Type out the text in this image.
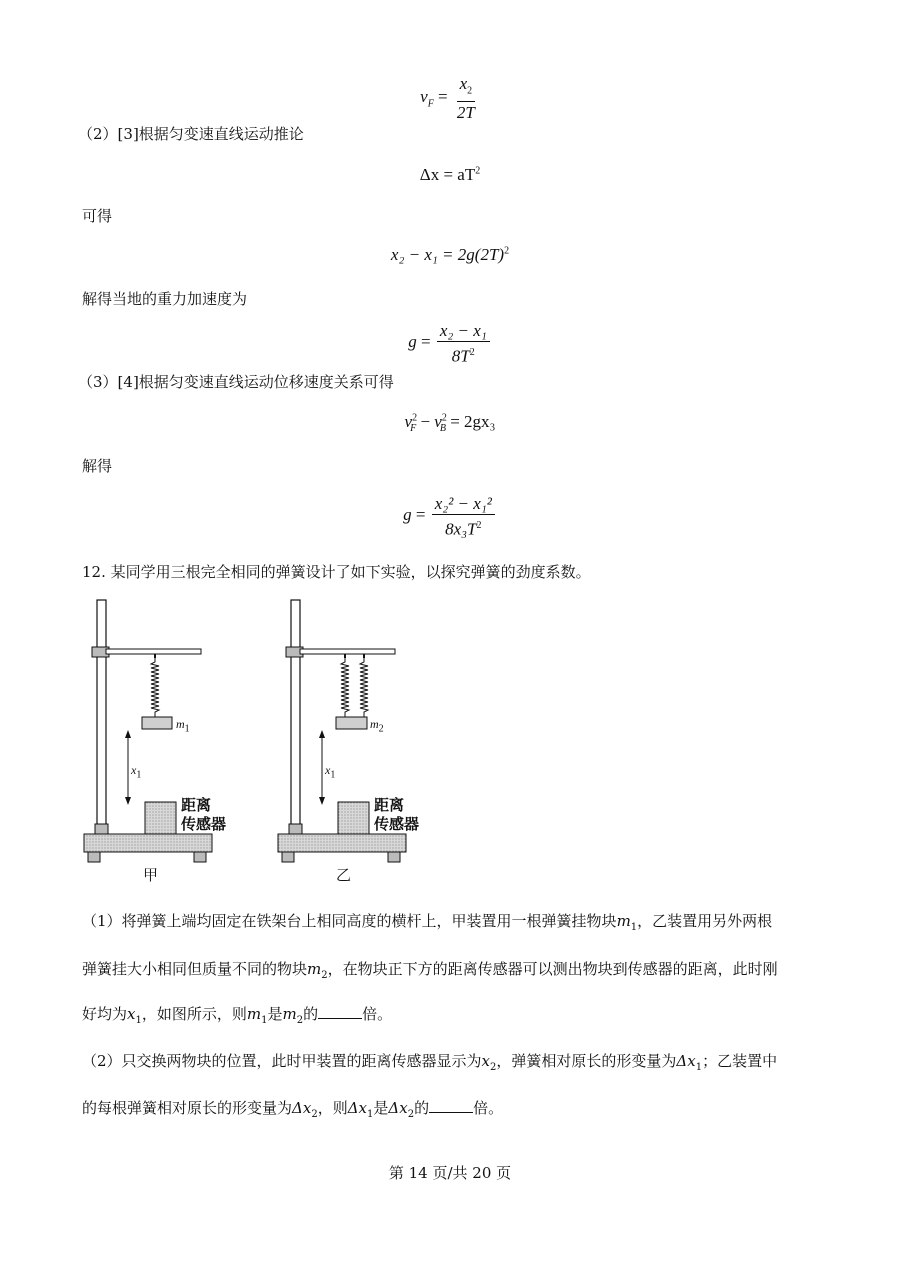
$v_F = \frac{x_2}{2T}$
（2）[3]根据匀变速直线运动推论
$\Delta x = aT^2$
可得
$x_2 - x_1 = 2g(2T)^2$
解得当地的重力加速度为
$g = \frac{\text{x₂ − x₁}}{8T^2}$
（3）[4]根据匀变速直线运动位移速度关系可得
$v^2_F - v^2_B = 2gx_3$
解得
$g = \frac{\text{x₂² − x₁²}}{8x_3T^2}$
12. 某同学用三根完全相同的弹簧设计了如下实验，以探究弹簧的劲度系数。
$m_1$	$m_2$
$x_1$	$x_1$
距离
传感器
距离
传感器
甲	乙
（1）将弹簧上端均固定在铁架台上相同高度的横杆上，甲装置用一根弹簧挂物块$m_1$，乙装置用另外两根
弹簧挂大小相同但质量不同的物块$m_2$，在物块正下方的距离传感器可以测出物块到传感器的距离，此时刚
好均为$x_1$，如图所示，则$m_1$是$m_2$的	倍。
（2）只交换两物块的位置，此时甲装置的距离传感器显示为$x_2$，弹簧相对原长的形变量为$\Delta x_1$；乙装置中
的每根弹簧相对原长的形变量为$\Delta x_2$，则$\Delta x_1$是$\Delta x_2$的	倍。
第 14 页/共 20 页
